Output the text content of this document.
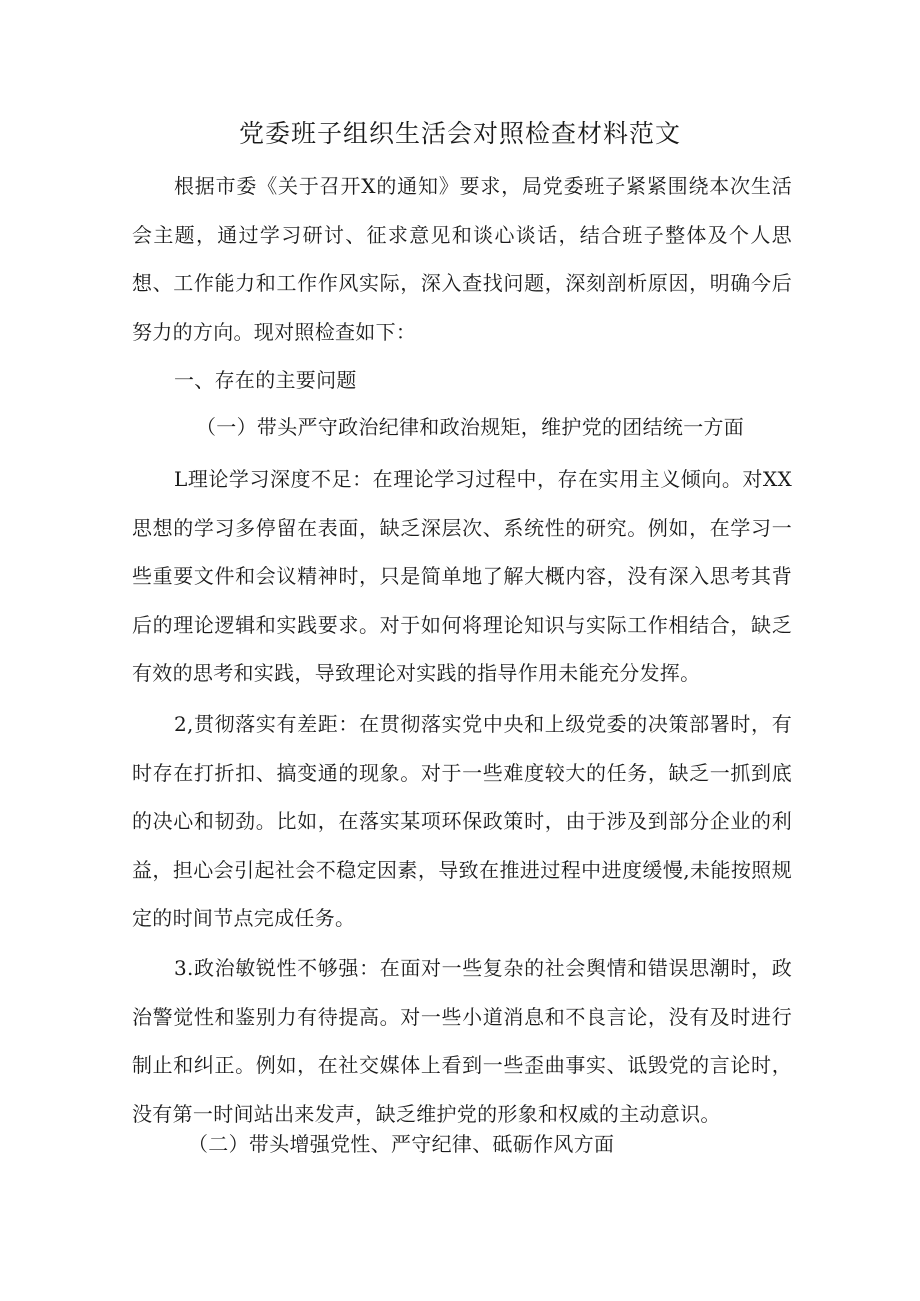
党委班子组织生活会对照检查材料范文

根据市委《关于召开X的通知》要求，局党委班子紧紧围绕本次生活会主题，通过学习研讨、征求意见和谈心谈话，结合班子整体及个人思想、工作能力和工作作风实际，深入查找问题，深刻剖析原因，明确今后努力的方向。现对照检查如下：

一、存在的主要问题
（一）带头严守政治纪律和政治规矩，维护党的团结统一方面

L理论学习深度不足：在理论学习过程中，存在实用主义倾向。对XX思想的学习多停留在表面，缺乏深层次、系统性的研究。例如，在学习一些重要文件和会议精神时，只是简单地了解大概内容，没有深入思考其背后的理论逻辑和实践要求。对于如何将理论知识与实际工作相结合，缺乏有效的思考和实践，导致理论对实践的指导作用未能充分发挥。

2,贯彻落实有差距：在贯彻落实党中央和上级党委的决策部署时，有时存在打折扣、搞变通的现象。对于一些难度较大的任务，缺乏一抓到底的决心和韧劲。比如，在落实某项环保政策时，由于涉及到部分企业的利益，担心会引起社会不稳定因素，导致在推进过程中进度缓慢,未能按照规定的时间节点完成任务。

3.政治敏锐性不够强：在面对一些复杂的社会舆情和错误思潮时，政治警觉性和鉴别力有待提高。对一些小道消息和不良言论，没有及时进行制止和纠正。例如，在社交媒体上看到一些歪曲事实、诋毁党的言论时，没有第一时间站出来发声，缺乏维护党的形象和权威的主动意识。

（二）带头增强党性、严守纪律、砥砺作风方面
